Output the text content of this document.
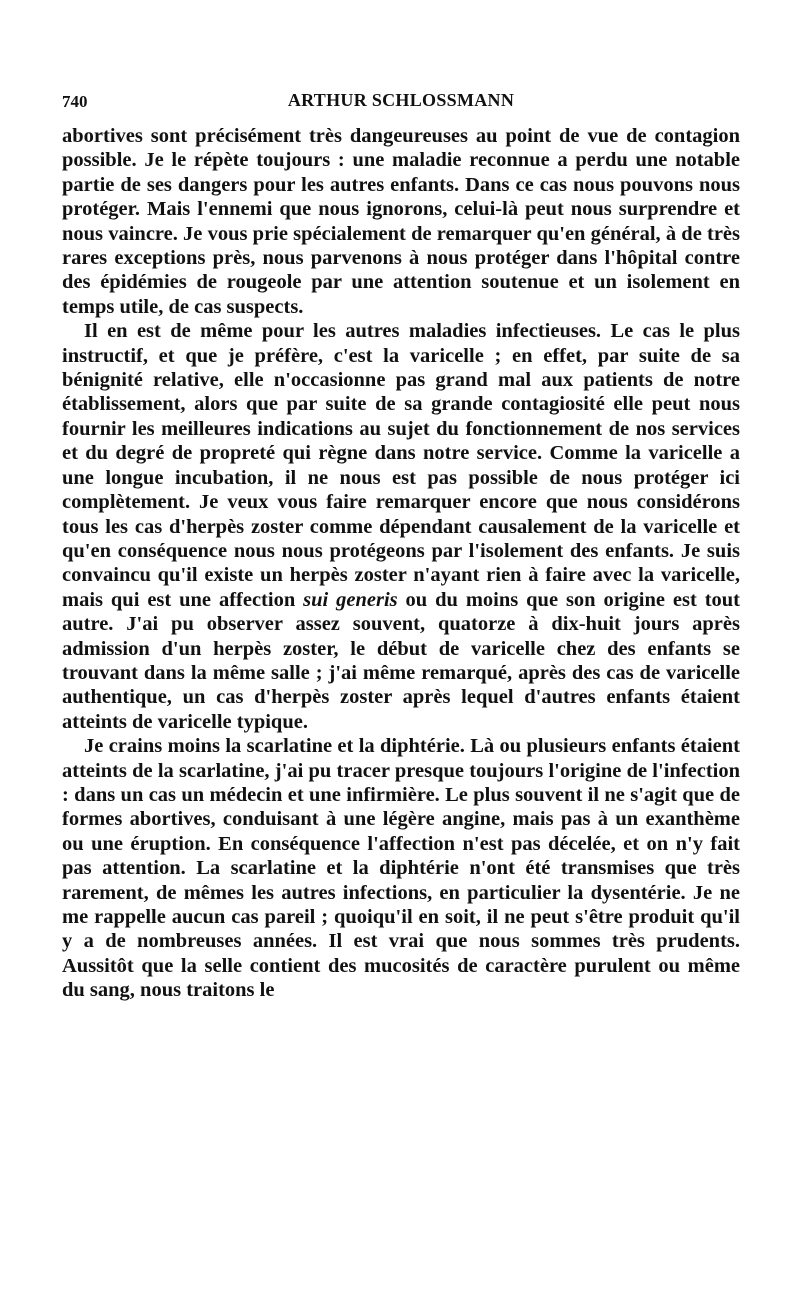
740	ARTHUR SCHLOSSMANN

abortives sont précisément très dangeureuses au point de vue de contagion possible. Je le répète toujours : une maladie reconnue a perdu une notable partie de ses dangers pour les autres enfants. Dans ce cas nous pouvons nous protéger. Mais l'ennemi que nous ignorons, celui-là peut nous surprendre et nous vaincre. Je vous prie spécialement de remarquer qu'en général, à de très rares exceptions près, nous parvenons à nous protéger dans l'hôpital contre des épidémies de rougeole par une attention soutenue et un isolement en temps utile, de cas suspects.

Il en est de même pour les autres maladies infectieuses. Le cas le plus instructif, et que je préfère, c'est la varicelle ; en effet, par suite de sa bénignité relative, elle n'occasionne pas grand mal aux patients de notre établissement, alors que par suite de sa grande contagiosité elle peut nous fournir les meilleures indications au sujet du fonctionnement de nos services et du degré de propreté qui règne dans notre service. Comme la varicelle a une longue incubation, il ne nous est pas possible de nous protéger ici complètement. Je veux vous faire remarquer encore que nous considérons tous les cas d'herpès zoster comme dépendant causalement de la varicelle et qu'en conséquence nous nous protégeons par l'isolement des enfants. Je suis convaincu qu'il existe un herpès zoster n'ayant rien à faire avec la varicelle, mais qui est une affection sui generis ou du moins que son origine est tout autre. J'ai pu observer assez souvent, quatorze à dix-huit jours après admission d'un herpès zoster, le début de varicelle chez des enfants se trouvant dans la même salle ; j'ai même remarqué, après des cas de varicelle authentique, un cas d'herpès zoster après lequel d'autres enfants étaient atteints de varicelle typique.

Je crains moins la scarlatine et la diphtérie. Là ou plusieurs enfants étaient atteints de la scarlatine, j'ai pu tracer presque toujours l'origine de l'infection : dans un cas un médecin et une infirmière. Le plus souvent il ne s'agit que de formes abortives, conduisant à une légère angine, mais pas à un exanthème ou une éruption. En conséquence l'affection n'est pas décelée, et on n'y fait pas attention. La scarlatine et la diphtérie n'ont été transmises que très rarement, de mêmes les autres infections, en particulier la dysentérie. Je ne me rappelle aucun cas pareil ; quoiqu'il en soit, il ne peut s'être produit qu'il y a de nombreuses années. Il est vrai que nous sommes très prudents. Aussitôt que la selle contient des mucosités de caractère purulent ou même du sang, nous traitons le
